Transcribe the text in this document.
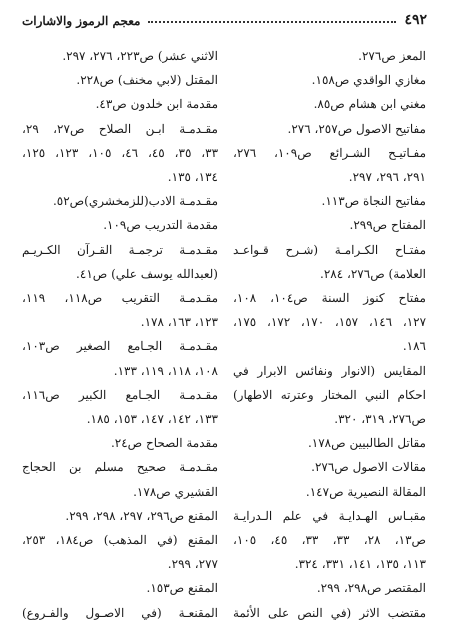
٤٩٢
معجم الرموز والاشارات
المعز ص٢٧٦.
مغازي الواقدي ص١٥٨.
مغني ابن هشام ص٨٥.
مفاتيح الاصول ص٢٥٧، ٢٧٦.
مفـاتيـح الشـرائع ص١٠٩، ٢٧٦،
٢٩١، ٢٩٦، ٢٩٧.
مفاتيح النجاة ص١١٣.
المفتاح ص٢٩٩.
مفتـاح الكـرامـة (شـرح قـواعـد
العلامة) ص٢٧٦، ٢٨٤.
مفتاح كنوز السنة ص١٠٤، ١٠٨،
١٢٧، ١٤٦، ١٥٧، ١٧٠، ١٧٢، ١٧٥،
١٨٦.
المقايس (الانوار ونفائس الابرار في
احكام النبي المختار وعترته الاطهار)
ص٢٧٦، ٣١٩، ٣٢٠.
مقاتل الطالبيين ص١٧٨.
مقالات الاصول ص٢٧٦.
المقالة النصيرية ص١٤٧.
مقبـاس الهـدايـة في علم الـدرايـة
ص١٣، ٢٨، ٣٣، ٣٣، ٤٥، ١٠٥،
١١٣، ١٣٥، ١٤١، ٣٣١، ٣٢٤.
المقتصر ص٢٩٨، ٢٩٩.
مقتضب الاثر (في النص على الأئمة
الاثني عشر) ص٢٢٣، ٢٧٦، ٢٩٧.
المقتل (لابي مخنف) ص٢٢٨.
مقدمة ابن خلدون ص٤٣.
مقـدمـة ابـن الصلاح ص٢٧، ٢٩،
٣٣، ٣٥، ٤٥، ٤٦، ١٠٥، ١٢٣، ١٢٥،
١٣٤، ١٣٥.
مقـدمـة الادب(للزمخشري)ص٥٢.
مقدمة التدريب ص١٠٩.
مقـدمـة ترجمـة القـرآن الكـريـم
(لعبدالله يوسف علي) ص٤١.
مقـدمـة التقريب ص١١٨، ١١٩،
١٢٣، ١٦٣، ١٧٨.
مقـدمـة الجـامع الصغير ص١٠٣،
١٠٨، ١١٨، ١١٩، ١٣٣.
مقـدمـة الجـامع الكبير ص١١٦،
١٣٣، ١٤٢، ١٤٧، ١٥٣، ١٨٥.
مقدمة الصحاح ص٢٤.
مقـدمـة صحيح مسلم بن الحجاج
القشيري ص١٧٨.
المقنع ص٢٩٦، ٢٩٧، ٢٩٨، ٢٩٩.
المقنع (في المذهب) ص١٨٤، ٢٥٣،
٢٧٧، ٢٩٩.
المقنع ص١٥٣.
المقنعـة (في الاصـول والفـروع)
